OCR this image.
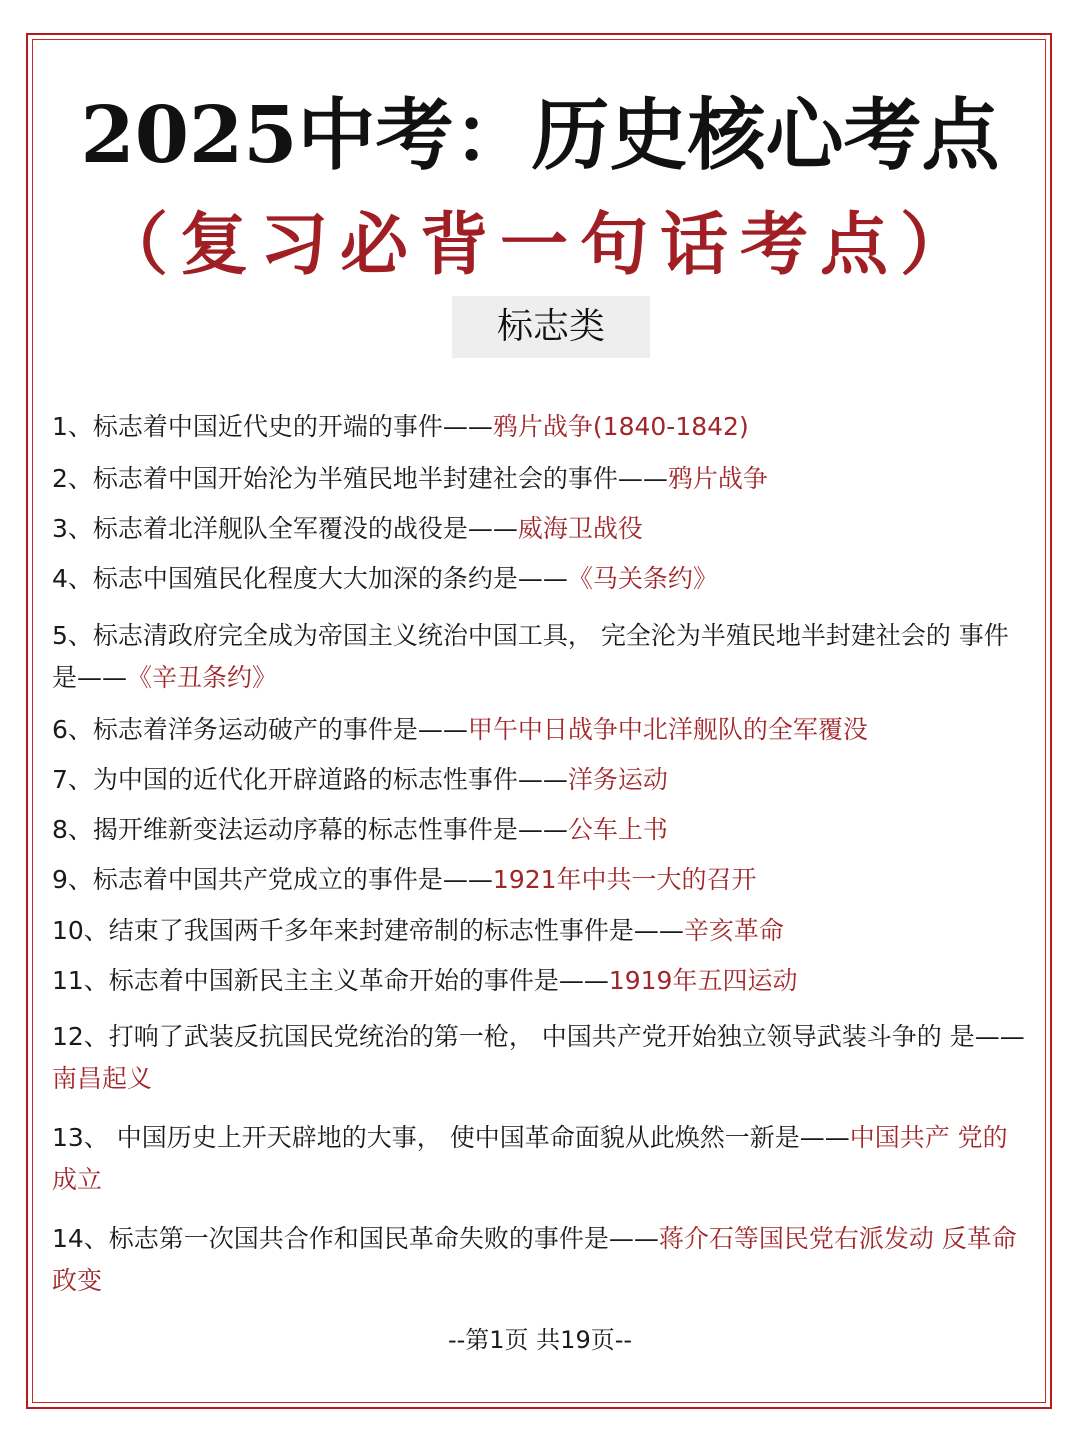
2025中考：历史核心考点
（复习必背一句话考点）
标志类
1、标志着中国近代史的开端的事件——鸦片战争(1840-1842)
2、标志着中国开始沦为半殖民地半封建社会的事件——鸦片战争
3、标志着北洋舰队全军覆没的战役是——威海卫战役
4、标志中国殖民化程度大大加深的条约是——《马关条约》
5、标志清政府完全成为帝国主义统治中国工具， 完全沦为半殖民地半封建社会的 事件是——《辛丑条约》
6、标志着洋务运动破产的事件是——甲午中日战争中北洋舰队的全军覆没
7、为中国的近代化开辟道路的标志性事件——洋务运动
8、揭开维新变法运动序幕的标志性事件是——公车上书
9、标志着中国共产党成立的事件是——1921年中共一大的召开
10、结束了我国两千多年来封建帝制的标志性事件是——辛亥革命
11、标志着中国新民主主义革命开始的事件是——1919年五四运动
12、打响了武装反抗国民党统治的第一枪， 中国共产党开始独立领导武装斗争的 是——南昌起义
13、 中国历史上开天辟地的大事， 使中国革命面貌从此焕然一新是——中国共产 党的成立
14、标志第一次国共合作和国民革命失败的事件是——蒋介石等国民党右派发动 反革命政变
--第1页 共19页--
